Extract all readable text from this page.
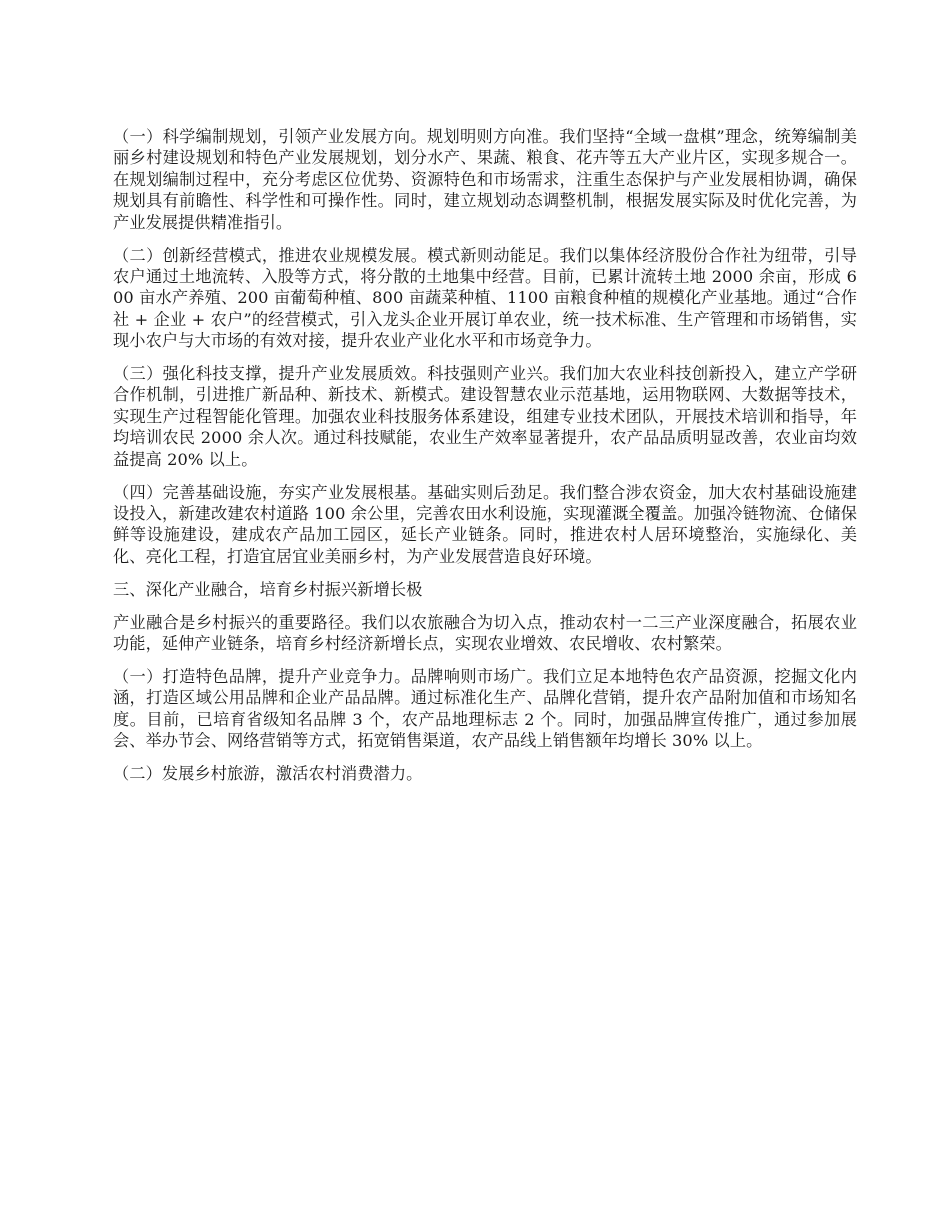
（一）科学编制规划，引领产业发展方向。规划明则方向准。我们坚持“全域一盘棋”理念，统筹编制美丽乡村建设规划和特色产业发展规划，划分水产、果蔬、粮食、花卉等五大产业片区，实现多规合一。在规划编制过程中，充分考虑区位优势、资源特色和市场需求，注重生态保护与产业发展相协调，确保规划具有前瞻性、科学性和可操作性。同时，建立规划动态调整机制，根据发展实际及时优化完善，为产业发展提供精准指引。

（二）创新经营模式，推进农业规模发展。模式新则动能足。我们以集体经济股份合作社为纽带，引导农户通过土地流转、入股等方式，将分散的土地集中经营。目前，已累计流转土地 2000 余亩，形成 600 亩水产养殖、200 亩葡萄种植、800 亩蔬菜种植、1100 亩粮食种植的规模化产业基地。通过“合作社 + 企业 + 农户”的经营模式，引入龙头企业开展订单农业，统一技术标准、生产管理和市场销售，实现小农户与大市场的有效对接，提升农业产业化水平和市场竞争力。

（三）强化科技支撑，提升产业发展质效。科技强则产业兴。我们加大农业科技创新投入，建立产学研合作机制，引进推广新品种、新技术、新模式。建设智慧农业示范基地，运用物联网、大数据等技术，实现生产过程智能化管理。加强农业科技服务体系建设，组建专业技术团队，开展技术培训和指导，年均培训农民 2000 余人次。通过科技赋能，农业生产效率显著提升，农产品品质明显改善，农业亩均效益提高 20% 以上。

（四）完善基础设施，夯实产业发展根基。基础实则后劲足。我们整合涉农资金，加大农村基础设施建设投入，新建改建农村道路 100 余公里，完善农田水利设施，实现灌溉全覆盖。加强冷链物流、仓储保鲜等设施建设，建成农产品加工园区，延长产业链条。同时，推进农村人居环境整治，实施绿化、美化、亮化工程，打造宜居宜业美丽乡村，为产业发展营造良好环境。

三、深化产业融合，培育乡村振兴新增长极

产业融合是乡村振兴的重要路径。我们以农旅融合为切入点，推动农村一二三产业深度融合，拓展农业功能，延伸产业链条，培育乡村经济新增长点，实现农业增效、农民增收、农村繁荣。

（一）打造特色品牌，提升产业竞争力。品牌响则市场广。我们立足本地特色农产品资源，挖掘文化内涵，打造区域公用品牌和企业产品品牌。通过标准化生产、品牌化营销，提升农产品附加值和市场知名度。目前，已培育省级知名品牌 3 个，农产品地理标志 2 个。同时，加强品牌宣传推广，通过参加展会、举办节会、网络营销等方式，拓宽销售渠道，农产品线上销售额年均增长 30% 以上。

（二）发展乡村旅游，激活农村消费潜力。
